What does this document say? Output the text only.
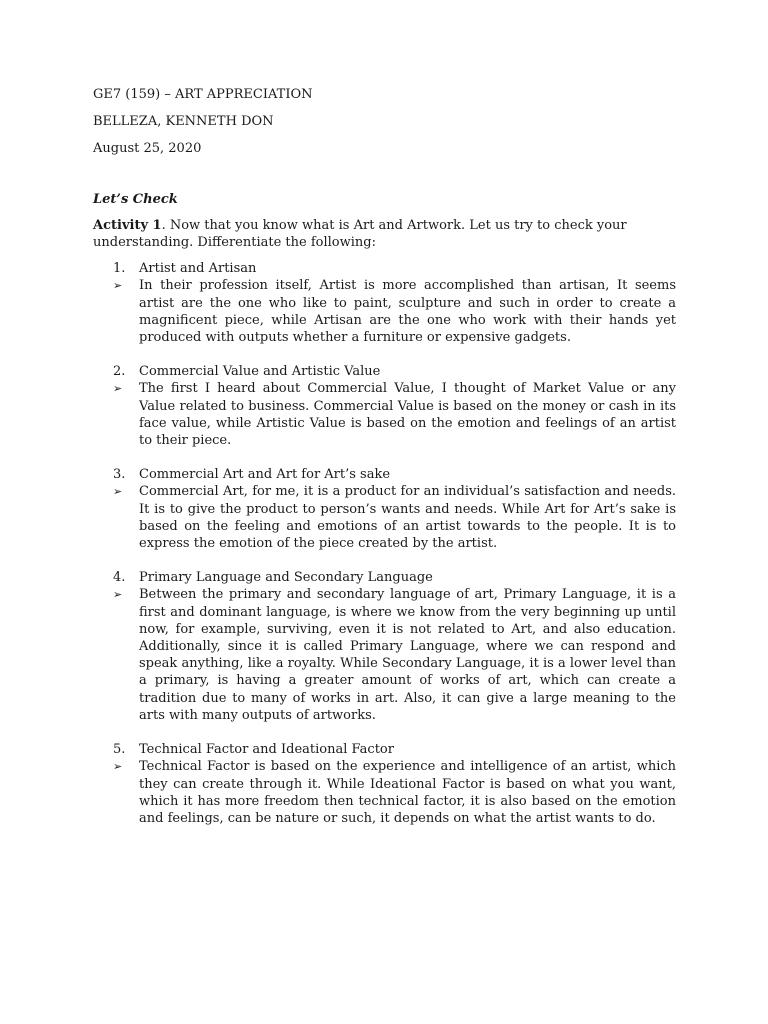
GE7 (159) – ART APPRECIATION
BELLEZA, KENNETH DON
August 25, 2020
Let’s Check
Activity 1. Now that you know what is Art and Artwork. Let us try to check your understanding. Differentiate the following:
1.	Artist and Artisan
➢	In their profession itself, Artist is more accomplished than artisan, It seems artist are the one who like to paint, sculpture and such in order to create a magnificent piece, while Artisan are the one who work with their hands yet produced with outputs whether a furniture or expensive gadgets.
2.	Commercial Value and Artistic Value
➢	The first I heard about Commercial Value, I thought of Market Value or any Value related to business. Commercial Value is based on the money or cash in its face value, while Artistic Value is based on the emotion and feelings of an artist to their piece.
3.	Commercial Art and Art for Art’s sake
➢	Commercial Art, for me, it is a product for an individual’s satisfaction and needs. It is to give the product to person’s wants and needs. While Art for Art’s sake is based on the feeling and emotions of an artist towards to the people. It is to express the emotion of the piece created by the artist.
4.	Primary Language and Secondary Language
➢	Between the primary and secondary language of art, Primary Language, it is a first and dominant language, is where we know from the very beginning up until now, for example, surviving, even it is not related to Art, and also education. Additionally, since it is called Primary Language, where we can respond and speak anything, like a royalty. While Secondary Language, it is a lower level than a primary, is having a greater amount of works of art, which can create a tradition due to many of works in art. Also, it can give a large meaning to the arts with many outputs of artworks.
5.	Technical Factor and Ideational Factor
➢	Technical Factor is based on the experience and intelligence of an artist, which they can create through it. While Ideational Factor is based on what you want, which it has more freedom then technical factor, it is also based on the emotion and feelings, can be nature or such, it depends on what the artist wants to do.
